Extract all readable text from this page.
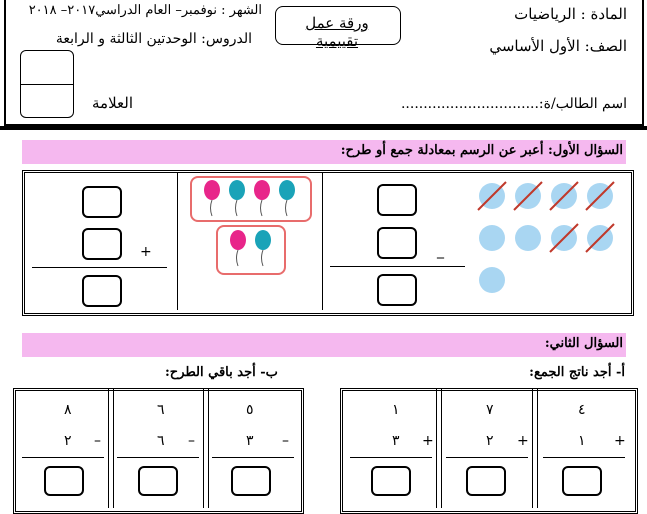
المادة : الرياضيات
الصف: الأول الأساسي
الشهر : نوفمبر– العام الدراسي٢٠١٧– ٢٠١٨
الدروس: الوحدتين الثالثة و الرابعة
ورقة عمل تقييمية
اسم الطالب/ة:...............................
العلامة
السؤال الأول: أعبر عن الرسم بمعادلة جمع أو طرح:
_
+
السؤال الثاني:
أ- أجد ناتج الجمع:
ب- أجد باقي الطرح:
٨
٢ –
٦
٦ –
٥
٣ –
١
٣ +
٧
٢ +
٤
١ +
